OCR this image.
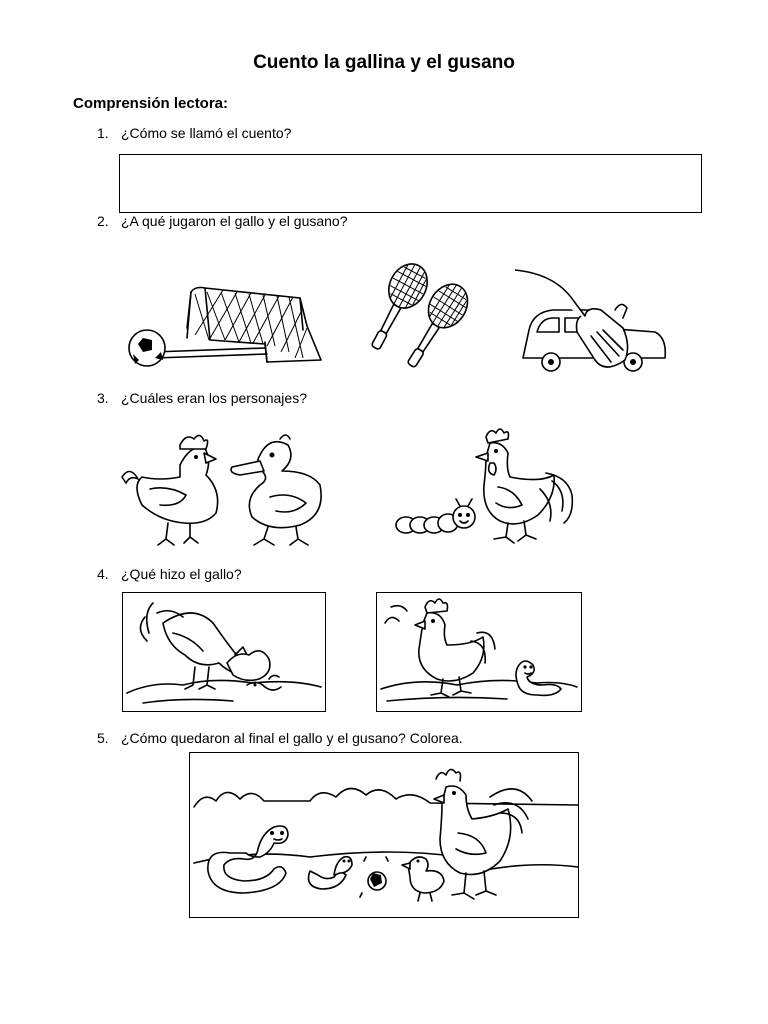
Cuento la gallina y el gusano
Comprensión lectora:
1. ¿Cómo se llamó el cuento?
2. ¿A qué jugaron el gallo y el gusano?
3. ¿Cuáles eran los personajes?
4. ¿Qué hizo el gallo?
5. ¿Cómo quedaron al final el gallo y el gusano? Colorea.
